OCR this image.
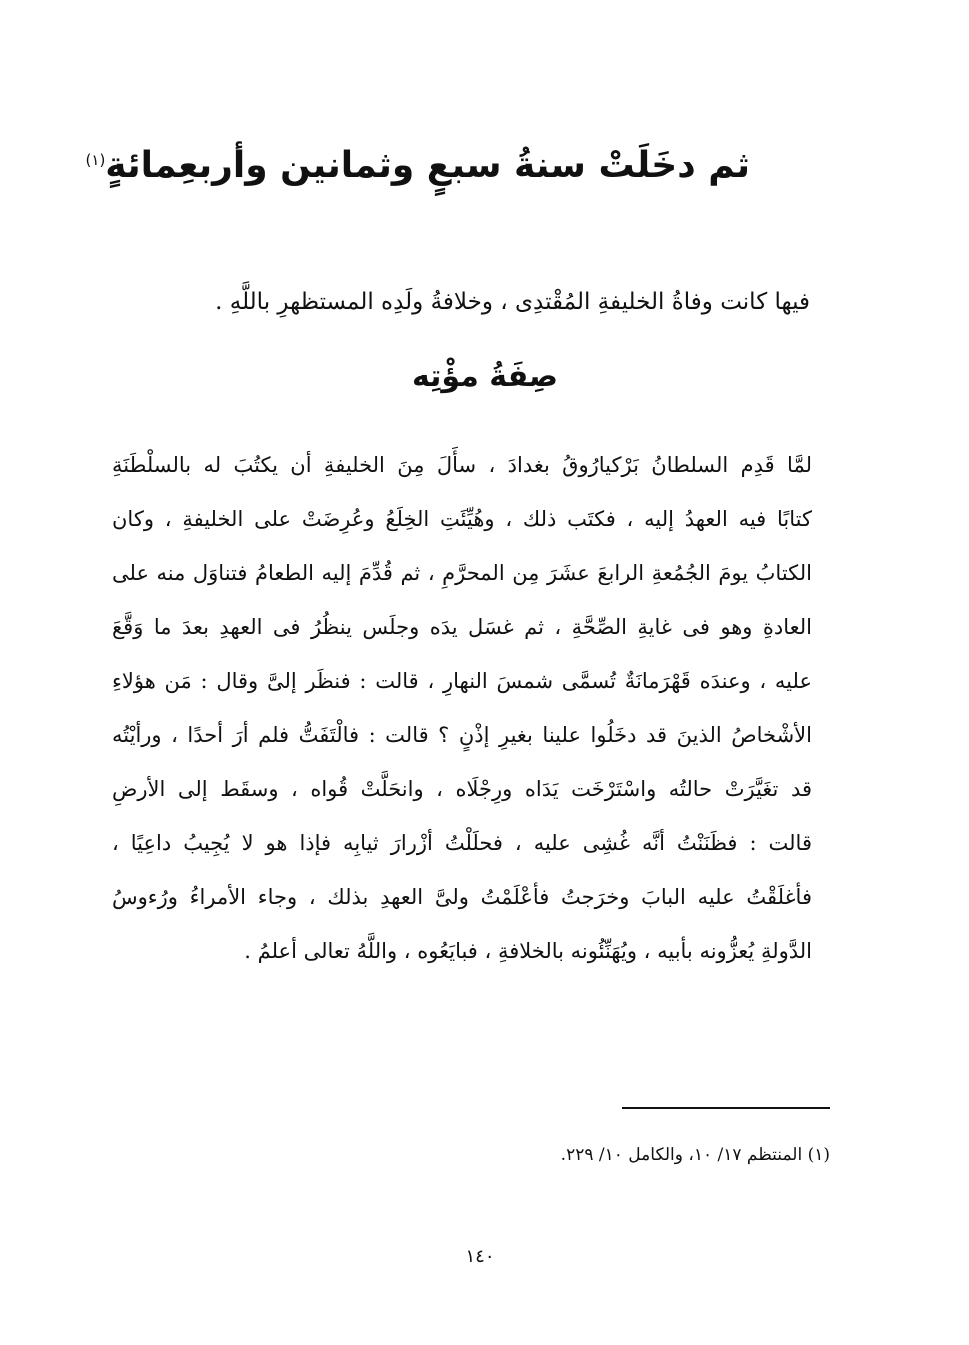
ثم دخَلَتْ سنةُ سبعٍ وثمانين وأربعِمائةٍ$^{(١)}$

فيها كانت وفاةُ الخليفةِ المُقْتدِى ، وخلافةُ ولَدِه المستظهرِ باللَّهِ .

صِفَةُ مؤْتِه
لمَّا قَدِم السلطانُ بَرْكيارُوقُ بغدادَ ، سأَلَ مِنَ الخليفةِ أن يكتُبَ له بالسلْطَنَةِ
كتابًا فيه العهدُ إليه ، فكتَب ذلك ، وهُيِّئَتِ الخِلَعُ وعُرِضَتْ على الخليفةِ ، وكان
الكتابُ يومَ الجُمُعةِ الرابعَ عشَرَ مِن المحرَّمِ ، ثم قُدِّمَ إليه الطعامُ فتناوَل منه على
العادةِ وهو فى غايةِ الصِّحَّةِ ، ثم غسَل يدَه وجلَس ينظُرُ فى العهدِ بعدَ ما وَقَّعَ
عليه ، وعندَه قَهْرَمانَةٌ تُسمَّى شمسَ النهارِ ، قالت : فنظَر إلىَّ وقال : مَن هؤلاءِ
الأشْخاصُ الذينَ قد دخَلُوا علينا بغيرِ إذْنٍ ؟ قالت : فالْتَفَتُّ فلم أرَ أحدًا ، ورأيْتُه
قد تغَيَّرَتْ حالتُه واسْتَرْخَت يَدَاه ورِجْلَاه ، وانحَلَّتْ قُواه ، وسقَط إلى الأرضِ
قالت : فظَنَنْتُ أنَّه غُشِى عليه ، فحلَلْتُ أزْرارَ ثيابِه فإذا هو لا يُجِيبُ داعِيًا ،
فأغلَقْتُ عليه البابَ وخرَجتُ فأعْلَمْتُ ولىَّ العهدِ بذلك ، وجاء الأمراءُ ورُءوسُ
الدَّولةِ يُعزُّونه بأبيه ، ويُهَنِّئُونه بالخلافةِ ، فبايَعُوه ، واللَّهُ تعالى أعلمُ .

(١) المنتظم ١٧/ ١٠، والكامل ١٠/ ٢٢٩.

١٤٠
